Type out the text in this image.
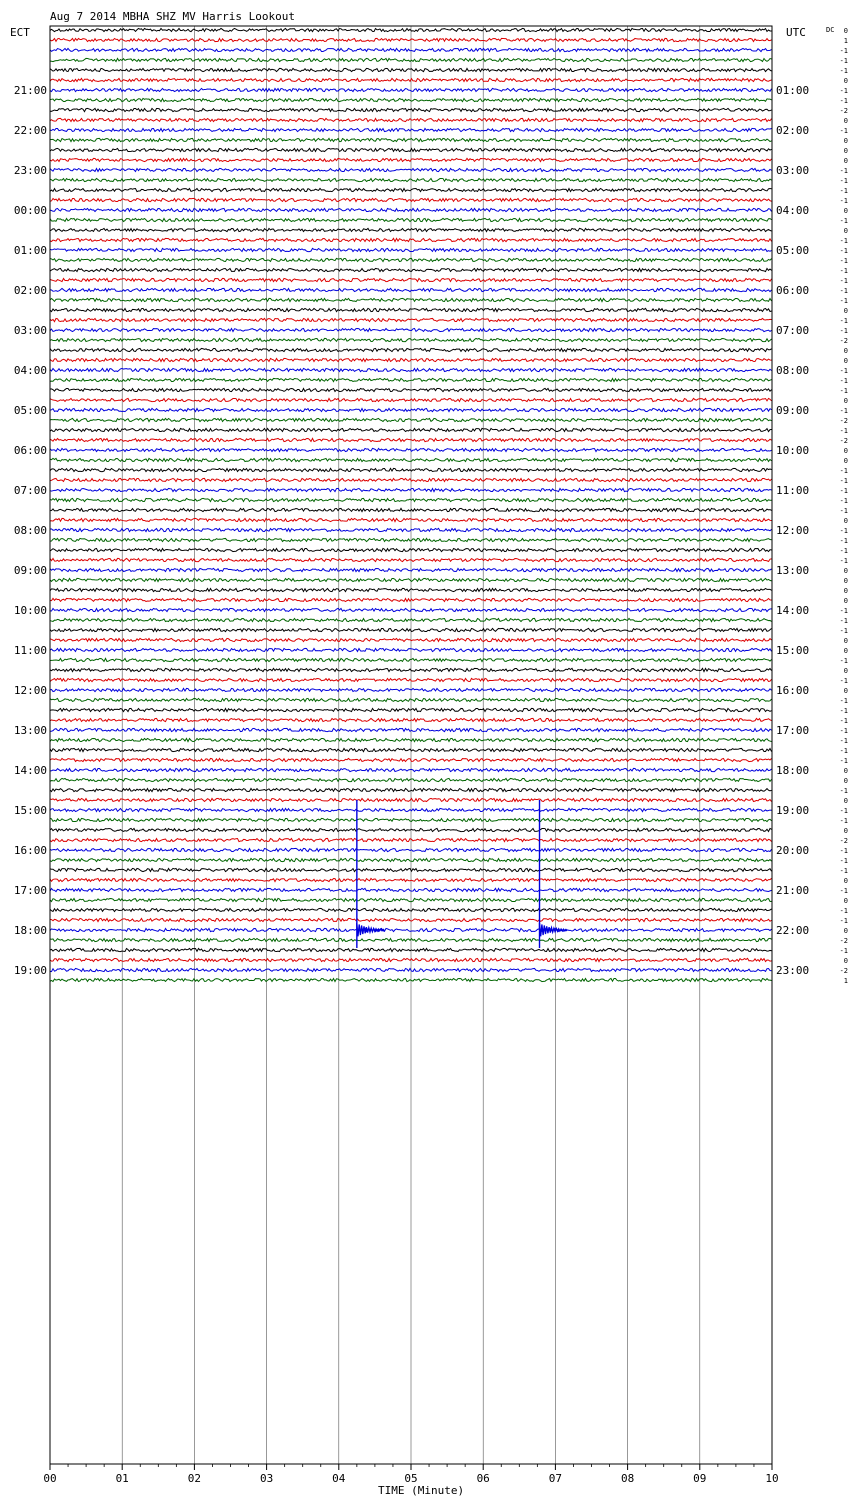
00	01	02	03	04	05	06	07	08	09	10
21:00
22:00
23:00
00:00
01:00
02:00
03:00
04:00
05:00
06:00
07:00
08:00
09:00
10:00
11:00
12:00
13:00
14:00
15:00
16:00
17:00
18:00
19:00
01:00
02:00
03:00
04:00
05:00
06:00
07:00
08:00
09:00
10:00
11:00
12:00
13:00
14:00
15:00
16:00
17:00
18:00
19:00
20:00
21:00
22:00
23:00
0
1
-1
-1
-1
0
-1
-1
-2
0
-1
0
0
0
-1
-1
-1
-1
0
-1
0
-1
-1
-1
-1
-1
-1
-1
0
-1
-1
-2
0
0
-1
-1
-1
0
-1
-2
-1
-2
0
0
-1
-1
-1
-1
-1
0
-1
-1
-1
-1
0
0
0
0
-1
-1
-1
0
0
-1
0
-1
0
-1
-1
-1
-1
-1
-1
-1
0
0
-1
0
-1
-1
0
-2
-1
-1
-1
0
-1
0
-1
-1
0
-2
-1
0
-2
1
Aug 7 2014 MBHA SHZ MV Harris Lookout
ECT	UTC	DC
TIME (Minute)
